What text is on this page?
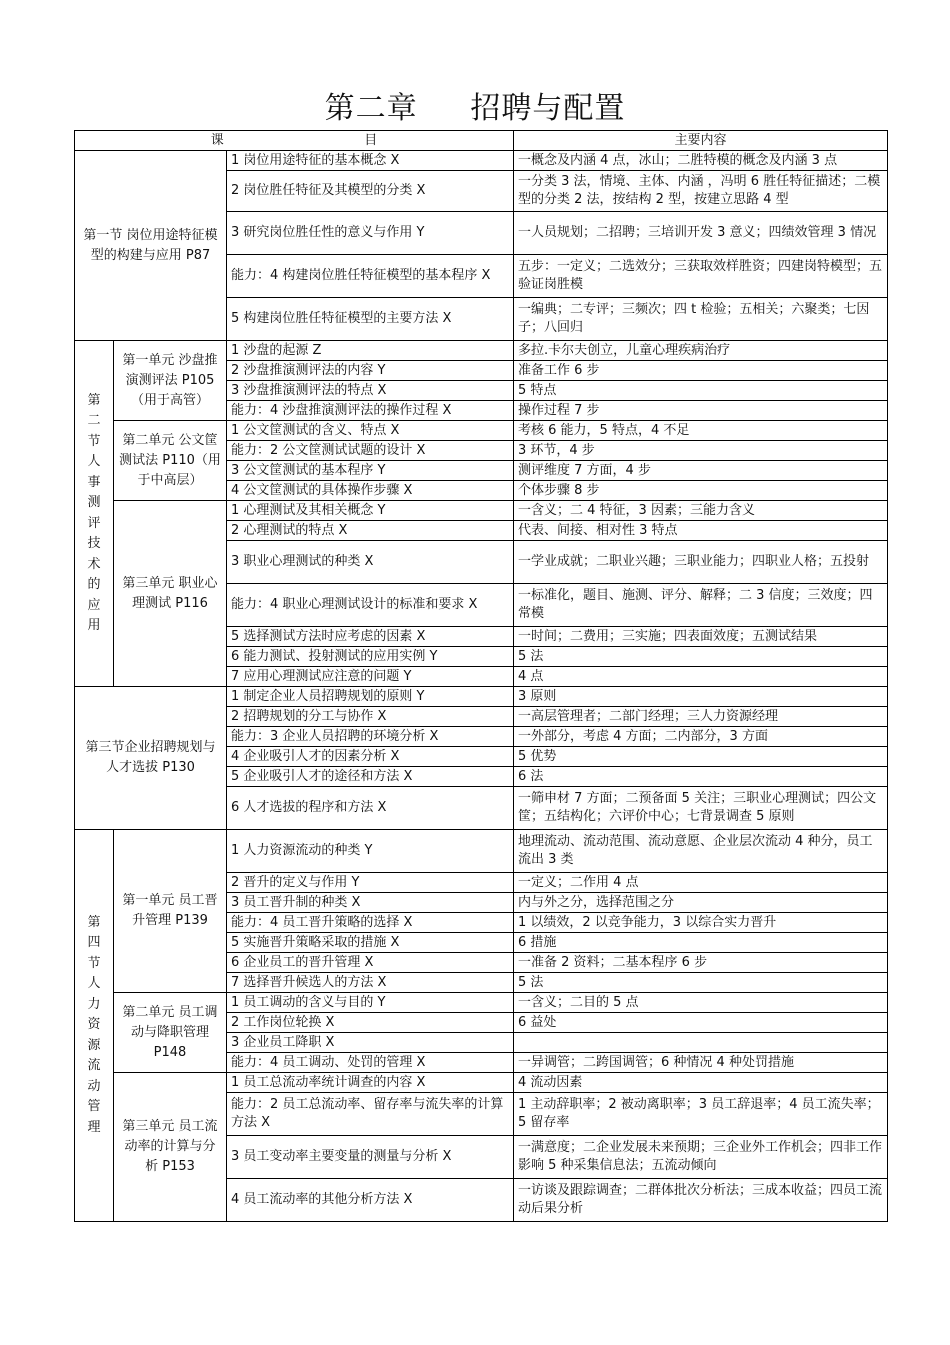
第二章     招聘与配置
课                                  目			主要内容
第一节 岗位用途特征模型的构建与应用 P87		1 岗位用途特征的基本概念 X	一概念及内涵 4 点，冰山；二胜特模的概念及内涵 3 点
		2 岗位胜任特征及其模型的分类 X	一分类 3 法，情境、主体、内涵 ，冯明 6 胜任特征描述；二模型的分类 2 法，按结构 2 型，按建立思路 4 型
		3 研究岗位胜任性的意义与作用 Y	一人员规划；二招聘；三培训开发 3 意义；四绩效管理 3 情况
		能力：4 构建岗位胜任特征模型的基本程序 X	五步：一定义；二选效分；三获取效样胜资；四建岗特模型；五验证岗胜模
		5 构建岗位胜任特征模型的主要方法 X	一编典；二专评；三频次；四 t 检验；五相关；六聚类；七因子；八回归

第二节人事测评技术的应用	第一单元 沙盘推演测评法 P105（用于高管）	1 沙盘的起源 Z	多拉.卡尔夫创立，儿童心理疾病治疗
		2 沙盘推演测评法的内容 Y	准备工作 6 步
		3 沙盘推演测评法的特点 X	5 特点
		能力：4 沙盘推演测评法的操作过程 X	操作过程 7 步
	第二单元 公文筐测试法 P110（用于中高层）	1 公文筐测试的含义、特点 X	考核 6 能力，5 特点，4 不足
		能力：2 公文筐测试试题的设计 X	3 环节，4 步
		3 公文筐测试的基本程序 Y	测评维度 7 方面，4 步
		4 公文筐测试的具体操作步骤 X	个体步骤 8 步
	第三单元 职业心理测试 P116	1 心理测试及其相关概念 Y	一含义；二 4 特征，3 因素；三能力含义
		2 心理测试的特点 X	代表、间接、相对性 3 特点
		3 职业心理测试的种类 X	一学业成就；二职业兴趣；三职业能力；四职业人格；五投射
		能力：4 职业心理测试设计的标准和要求 X	一标准化，题目、施测、评分、解释；二 3 信度；三效度；四常模
		5 选择测试方法时应考虑的因素 X	一时间；二费用；三实施；四表面效度；五测试结果
		6 能力测试、投射测试的应用实例 Y	5 法
		7 应用心理测试应注意的问题 Y	4 点
第三节企业招聘规划与人才选拔 P130		1 制定企业人员招聘规划的原则 Y	3 原则
		2 招聘规划的分工与协作 X	一高层管理者；二部门经理；三人力资源经理
		能力：3 企业人员招聘的环境分析 X	一外部分，考虑 4 方面；二内部分，3 方面
		4 企业吸引人才的因素分析 X	5 优势
		5 企业吸引人才的途径和方法 X	6 法
		6 人才选拔的程序和方法 X	一筛申材 7 方面；二预备面 5 关注；三职业心理测试；四公文筐；五结构化；六评价中心；七背景调查 5 原则

第四节人力资源流动管理	第一单元 员工晋升管理 P139	1 人力资源流动的种类 Y	地理流动、流动范围、流动意愿、企业层次流动 4 种分，员工流出 3 类
		2 晋升的定义与作用 Y	一定义；二作用 4 点
		3 员工晋升制的种类 X	内与外之分，选择范围之分
		能力：4 员工晋升策略的选择 X	1 以绩效，2 以竞争能力，3 以综合实力晋升
		5 实施晋升策略采取的措施 X	6 措施
		6 企业员工的晋升管理 X	一准备 2 资料；二基本程序 6 步
		7 选择晋升候选人的方法 X	5 法
	第二单元 员工调动与降职管理 P148	1 员工调动的含义与目的 Y	一含义；二目的 5 点
		2 工作岗位轮换 X	6 益处
		3 企业员工降职 X	
		能力：4 员工调动、处罚的管理 X	一异调管；二跨国调管；6 种情况 4 种处罚措施
	第三单元 员工流动率的计算与分析 P153	1 员工总流动率统计调查的内容 X	4 流动因素
		能力：2 员工总流动率、留存率与流失率的计算方法 X	1 主动辞职率；2 被动离职率；3 员工辞退率；4 员工流失率；5 留存率
		3 员工变动率主要变量的测量与分析 X	一满意度；二企业发展未来预期；三企业外工作机会；四非工作影响 5 种采集信息法；五流动倾向
		4 员工流动率的其他分析方法 X	一访谈及跟踪调查；二群体批次分析法；三成本收益；四员工流动后果分析
